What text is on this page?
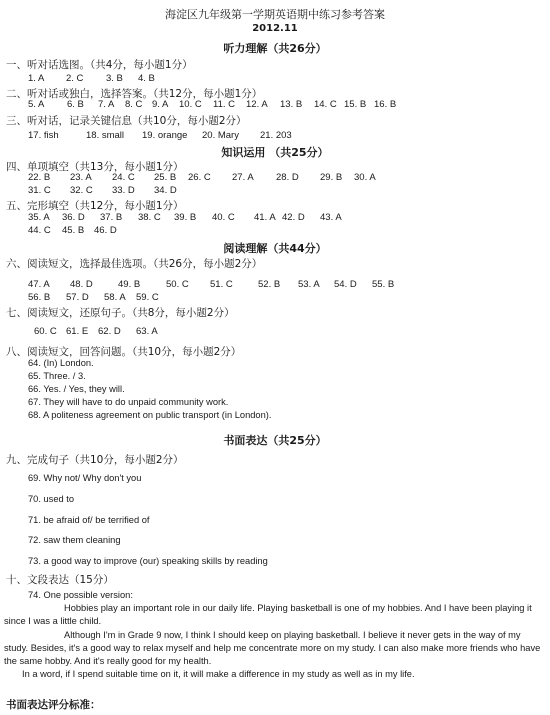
海淀区九年级第一学期英语期中练习参考答案
2012.11
听力理解（共26分）
一、听对话选图。（共4分，每小题1分）
1. A 2. C 3. B 4. B
二、听对话或独白，选择答案。（共12分，每小题1分）
5. A 6. B 7. A 8. C 9. A 10. C 11. C 12. A 13. B 14. C 15. B 16. B
三、听对话，记录关键信息（共10分，每小题2分）
17. fish	18. small 19. orange 20. Mary 21. 203
知识运用 （共25分）
四、单项填空（共13分，每小题1分）
22. B 23. A 24. C 25. B 26. C 27. A 28. D 29. B 30. A
31. C 32. C 33. D 34. D
五、完形填空（共12分，每小题1分）
35. A 36. D 37. B 38. C 39. B 40. C 41. A 42. D 43. A
44. C 45. B 46. D
阅读理解（共44分）
六、阅读短文，选择最佳选项。（共26分，每小题2分）
47. A 48. D	49. B	50. C 51. C	52. B 53. A 54. D 55. B
56. B 57. D 58. A 59. C
七、阅读短文，还原句子。（共8分，每小题2分）
60. C 61. E 62. D 63. A
八、阅读短文，回答问题。（共10分，每小题2分）
64. (In) London.
65. Three. / 3.
66. Yes. / Yes, they will.
67. They will have to do unpaid community work.
68. A politeness agreement on public transport (in London).
书面表达（共25分）
九、完成句子（共10分，每小题2分）
69. Why not/ Why don't you
70. used to
71. be afraid of/ be terrified of
72. saw them cleaning
73. a good way to improve (our) speaking skills by reading
十、文段表达（15分）

74. One possible version:

Hobbies play an important role in our daily life. Playing basketball is one of my hobbies. And I have been playing it since I was a little child.

Although I'm in Grade 9 now, I think I should keep on playing basketball. I believe it never gets in the way of my study. Besides, it's a good way to relax myself and help me concentrate more on my study. I can also make more friends who have the same hobby. And it's really good for my health.

In a word, if I spend suitable time on it, it will make a difference in my study as well as in my life.

书面表达评分标准：
